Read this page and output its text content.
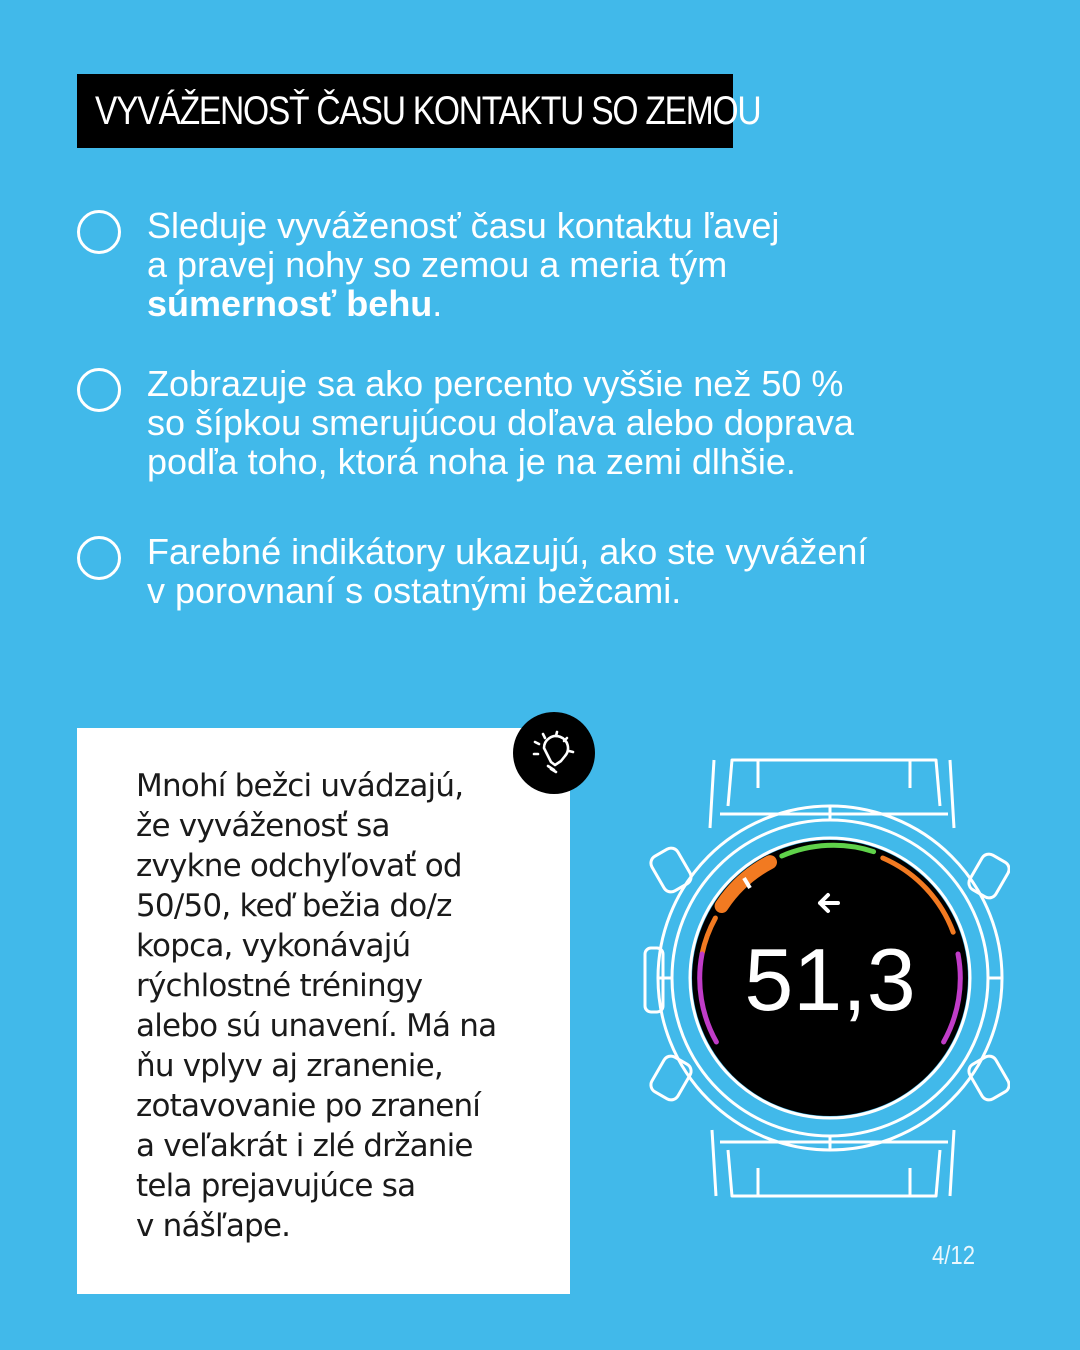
VYVÁŽENOSŤ ČASU KONTAKTU SO ZEMOU
Sleduje vyváženosť času kontaktu ľavej
a pravej nohy so zemou a meria tým
súmernosť behu.
Zobrazuje sa ako percento vyššie než 50 %
so šípkou smerujúcou doľava alebo doprava
podľa toho, ktorá noha je na zemi dlhšie.
Farebné indikátory ukazujú, ako ste vyvážení
v porovnaní s ostatnými bežcami.
Mnohí bežci uvádzajú,
že vyváženosť sa
zvykne odchyľovať od
50/50, keď bežia do/z
kopca, vykonávajú
rýchlostné tréningy
alebo sú unavení. Má na
ňu vplyv aj zranenie,
zotavovanie po zranení
a veľakrát i zlé držanie
tela prejavujúce sa
v nášľape.
51,3
4/12
